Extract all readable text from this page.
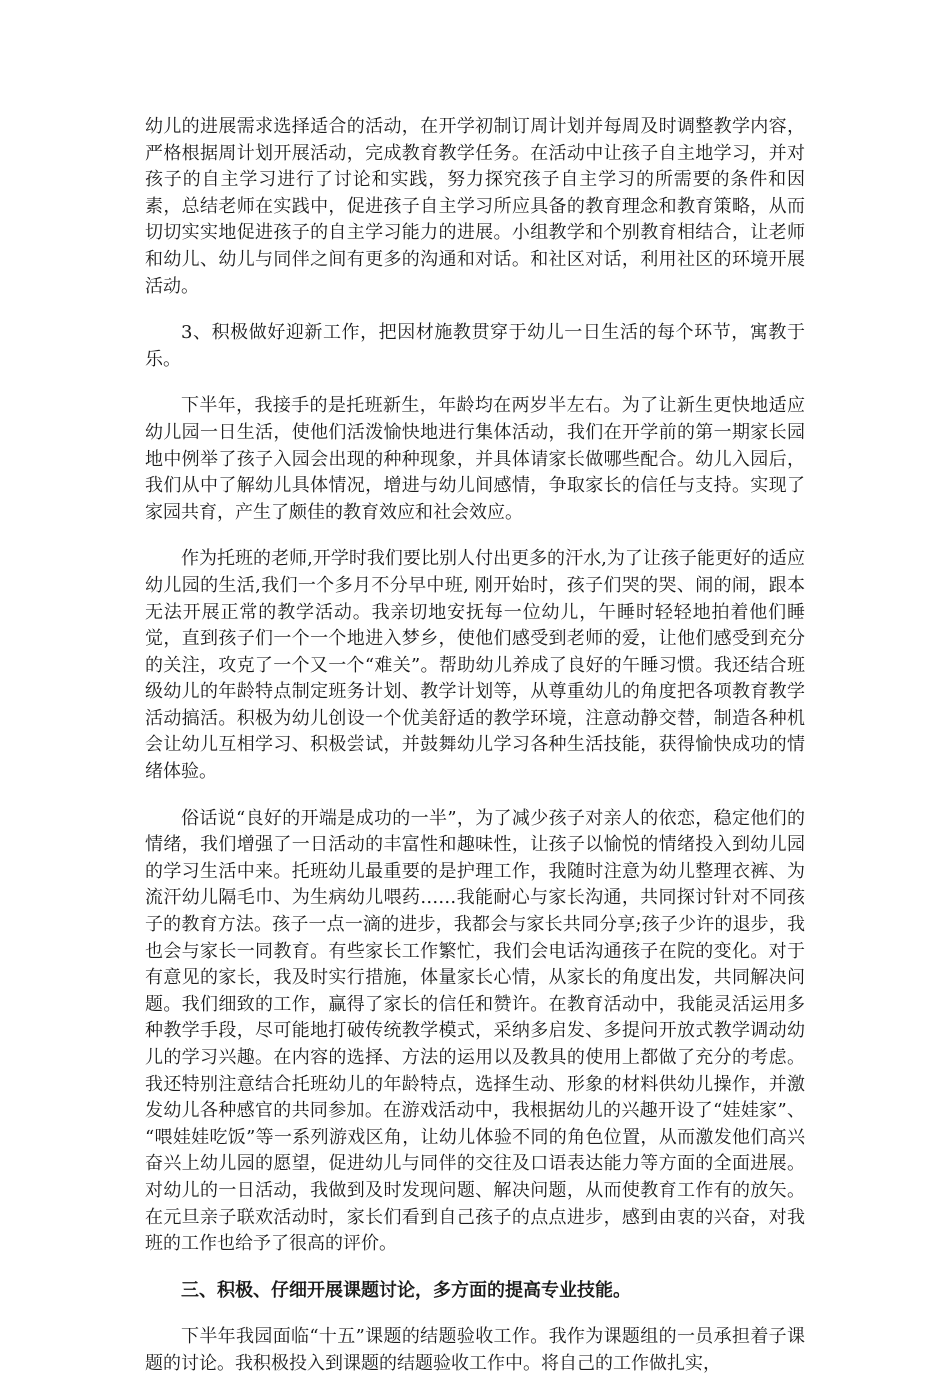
幼儿的进展需求选择适合的活动，在开学初制订周计划并每周及时调整教学内容，严格根据周计划开展活动，完成教育教学任务。在活动中让孩子自主地学习，并对孩子的自主学习进行了讨论和实践，努力探究孩子自主学习的所需要的条件和因素，总结老师在实践中，促进孩子自主学习所应具备的教育理念和教育策略，从而切切实实地促进孩子的自主学习能力的进展。小组教学和个别教育相结合，让老师和幼儿、幼儿与同伴之间有更多的沟通和对话。和社区对话，利用社区的环境开展活动。

3、积极做好迎新工作，把因材施教贯穿于幼儿一日生活的每个环节，寓教于乐。

下半年，我接手的是托班新生，年龄均在两岁半左右。为了让新生更快地适应幼儿园一日生活，使他们活泼愉快地进行集体活动，我们在开学前的第一期家长园地中例举了孩子入园会出现的种种现象，并具体请家长做哪些配合。幼儿入园后，我们从中了解幼儿具体情况，增进与幼儿间感情，争取家长的信任与支持。实现了家园共育，产生了颇佳的教育效应和社会效应。

作为托班的老师,开学时我们要比别人付出更多的汗水,为了让孩子能更好的适应幼儿园的生活,我们一个多月不分早中班, 刚开始时，孩子们哭的哭、闹的闹，跟本无法开展正常的教学活动。我亲切地安抚每一位幼儿，午睡时轻轻地拍着他们睡觉，直到孩子们一个一个地进入梦乡，使他们感受到老师的爱，让他们感受到充分的关注，攻克了一个又一个“难关”。帮助幼儿养成了良好的午睡习惯。我还结合班级幼儿的年龄特点制定班务计划、教学计划等，从尊重幼儿的角度把各项教育教学活动搞活。积极为幼儿创设一个优美舒适的教学环境，注意动静交替，制造各种机会让幼儿互相学习、积极尝试，并鼓舞幼儿学习各种生活技能，获得愉快成功的情绪体验。

俗话说“良好的开端是成功的一半”，为了减少孩子对亲人的依恋，稳定他们的情绪，我们增强了一日活动的丰富性和趣味性，让孩子以愉悦的情绪投入到幼儿园的学习生活中来。托班幼儿最重要的是护理工作，我随时注意为幼儿整理衣裤、为流汗幼儿隔毛巾、为生病幼儿喂药……我能耐心与家长沟通，共同探讨针对不同孩子的教育方法。孩子一点一滴的进步，我都会与家长共同分享;孩子少许的退步，我也会与家长一同教育。有些家长工作繁忙，我们会电话沟通孩子在院的变化。对于有意见的家长，我及时实行措施，体量家长心情，从家长的角度出发，共同解决问题。我们细致的工作，赢得了家长的信任和赞许。在教育活动中，我能灵活运用多种教学手段，尽可能地打破传统教学模式，采纳多启发、多提问开放式教学调动幼儿的学习兴趣。在内容的选择、方法的运用以及教具的使用上都做了充分的考虑。我还特别注意结合托班幼儿的年龄特点，选择生动、形象的材料供幼儿操作，并激发幼儿各种感官的共同参加。在游戏活动中，我根据幼儿的兴趣开设了“娃娃家”、 “喂娃娃吃饭”等一系列游戏区角，让幼儿体验不同的角色位置，从而激发他们高兴奋兴上幼儿园的愿望，促进幼儿与同伴的交往及口语表达能力等方面的全面进展。对幼儿的一日活动，我做到及时发现问题、解决问题，从而使教育工作有的放矢。在元旦亲子联欢活动时，家长们看到自己孩子的点点进步，感到由衷的兴奋，对我班的工作也给予了很高的评价。

三、积极、仔细开展课题讨论，多方面的提高专业技能。

下半年我园面临“十五”课题的结题验收工作。我作为课题组的一员承担着子课题的讨论。我积极投入到课题的结题验收工作中。将自己的工作做扎实，
